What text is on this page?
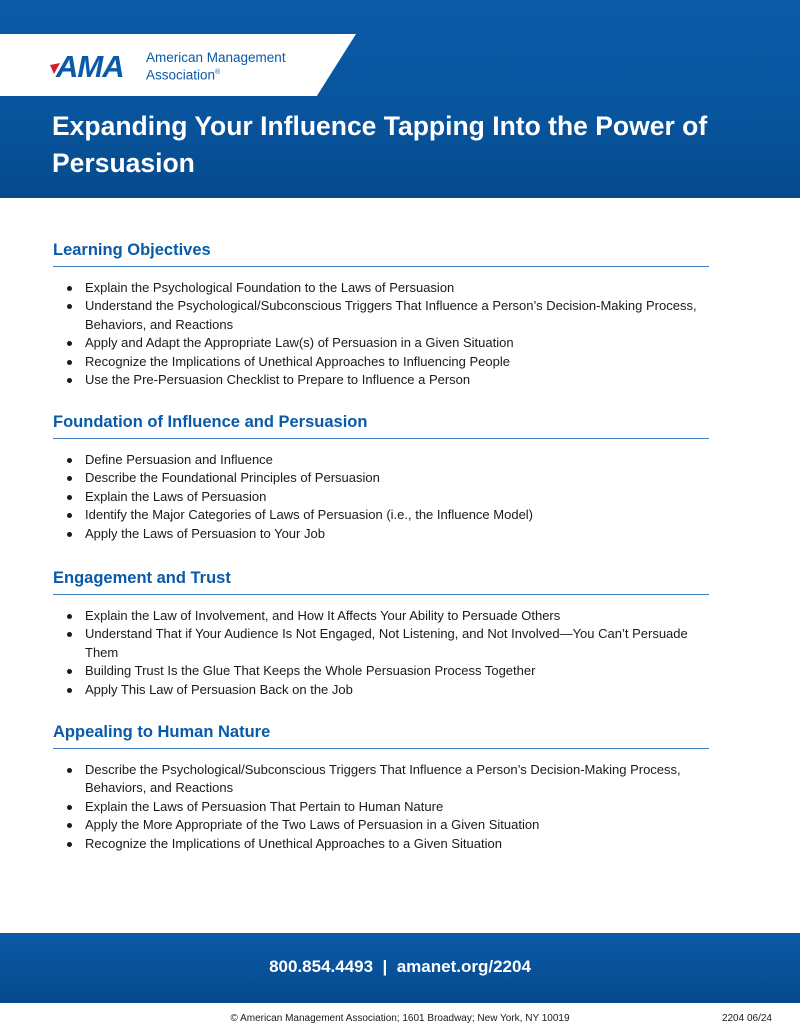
AMA American Management
Association®
Expanding Your Influence Tapping Into the Power of Persuasion
Learning Objectives
Explain the Psychological Foundation to the Laws of Persuasion
Understand the Psychological/Subconscious Triggers That Influence a Person’s Decision-Making Process, Behaviors, and Reactions
Apply and Adapt the Appropriate Law(s) of Persuasion in a Given Situation
Recognize the Implications of Unethical Approaches to Influencing People
Use the Pre-Persuasion Checklist to Prepare to Influence a Person
Foundation of Influence and Persuasion
Define Persuasion and Influence
Describe the Foundational Principles of Persuasion
Explain the Laws of Persuasion
Identify the Major Categories of Laws of Persuasion (i.e., the Influence Model)
Apply the Laws of Persuasion to Your Job
Engagement and Trust
Explain the Law of Involvement, and How It Affects Your Ability to Persuade Others
Understand That if Your Audience Is Not Engaged, Not Listening, and Not Involved—You Can’t Persuade Them
Building Trust Is the Glue That Keeps the Whole Persuasion Process Together
Apply This Law of Persuasion Back on the Job
Appealing to Human Nature
Describe the Psychological/Subconscious Triggers That Influence a Person’s Decision-Making Process, Behaviors, and Reactions
Explain the Laws of Persuasion That Pertain to Human Nature
Apply the More Appropriate of the Two Laws of Persuasion in a Given Situation
Recognize the Implications of Unethical Approaches to a Given Situation
800.854.4493  |  amanet.org/2204
© American Management Association; 1601 Broadway; New York, NY 10019	2204 06/24
